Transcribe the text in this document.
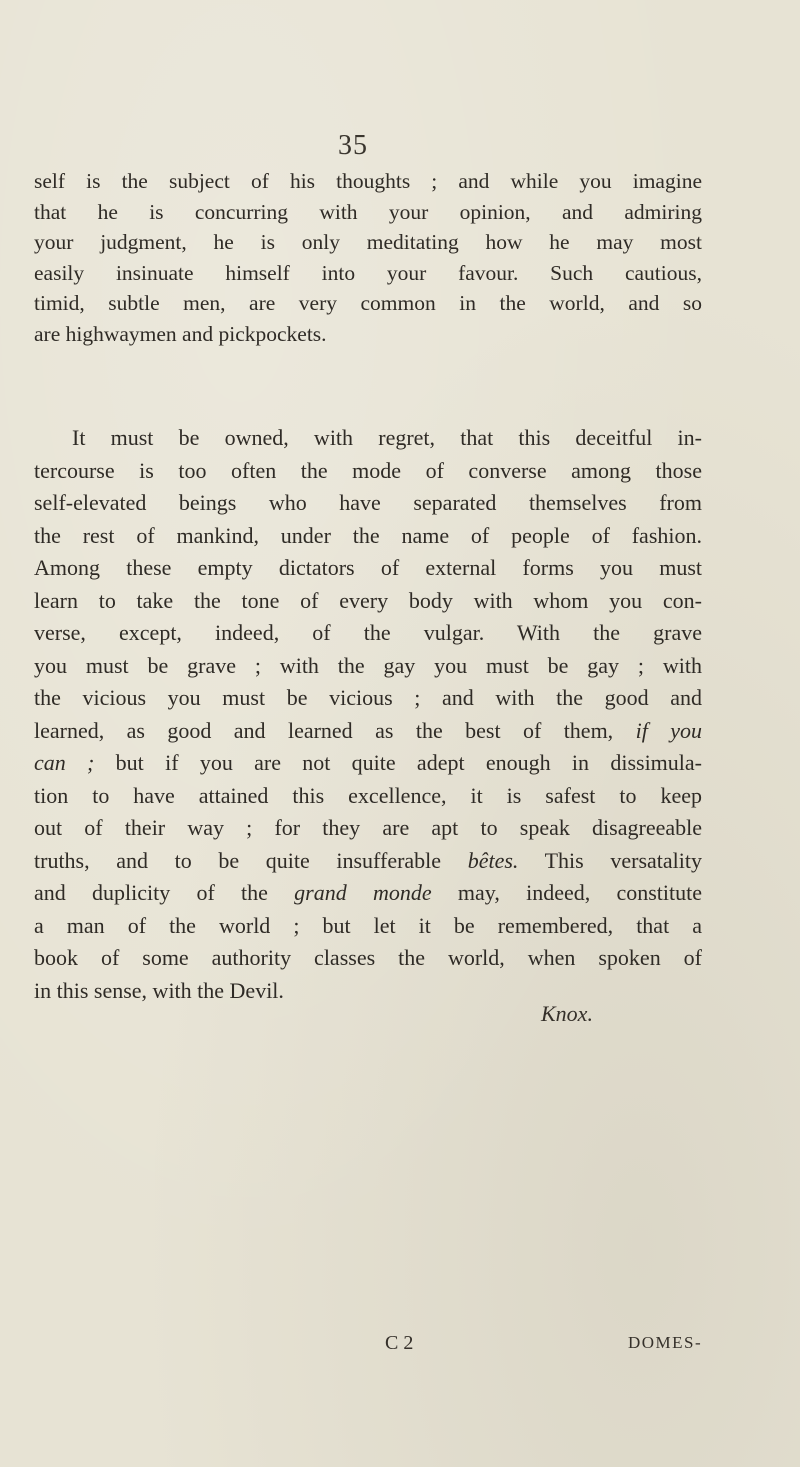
35
self is the subject of his thoughts ; and while you imagine
that he is concurring with your opinion, and admiring
your judgment, he is only meditating how he may most
easily insinuate himself into your favour. Such cautious,
timid, subtle men, are very common in the world, and so
are highwaymen and pickpockets.
It must be owned, with regret, that this deceitful in-
tercourse is too often the mode of converse among those
self-elevated beings who have separated themselves from
the rest of mankind, under the name of people of fashion.
Among these empty dictators of external forms you must
learn to take the tone of every body with whom you con-
verse, except, indeed, of the vulgar. With the grave
you must be grave ; with the gay you must be gay ; with
the vicious you must be vicious ; and with the good and
learned, as good and learned as the best of them, if you
can ; but if you are not quite adept enough in dissimula-
tion to have attained this excellence, it is safest to keep
out of their way ; for they are apt to speak disagreeable
truths, and to be quite insufferable bêtes. This versatality
and duplicity of the grand monde may, indeed, constitute
a man of the world ; but let it be remembered, that a
book of some authority classes the world, when spoken of
in this sense, with the Devil.
Knox.
C 2	DOMES-
